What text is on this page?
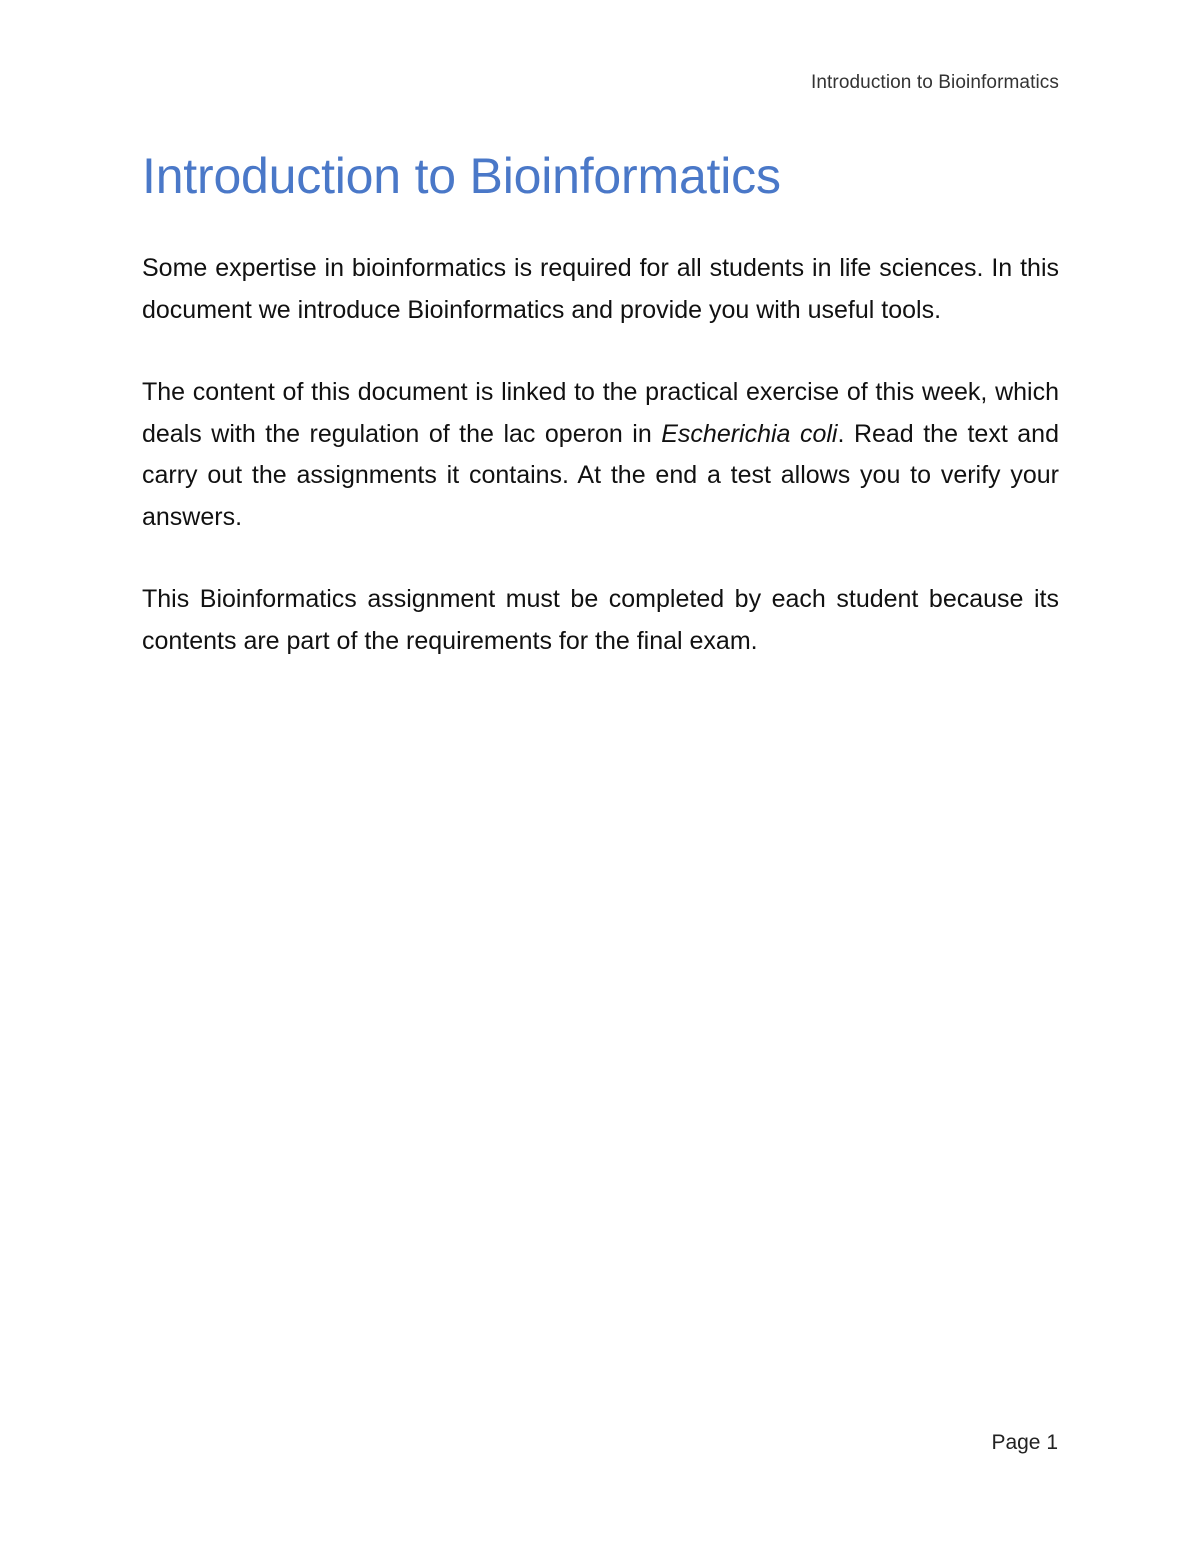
Introduction to Bioinformatics
Introduction to Bioinformatics

Some expertise in bioinformatics is required for all students in life sciences. In this document we introduce Bioinformatics and provide you with useful tools.

The content of this document is linked to the practical exercise of this week, which deals with the regulation of the lac operon in Escherichia coli. Read the text and carry out the assignments it contains. At the end a test allows you to verify your answers.

This Bioinformatics assignment must be completed by each student because its contents are part of the requirements for the final exam.

Page 1
